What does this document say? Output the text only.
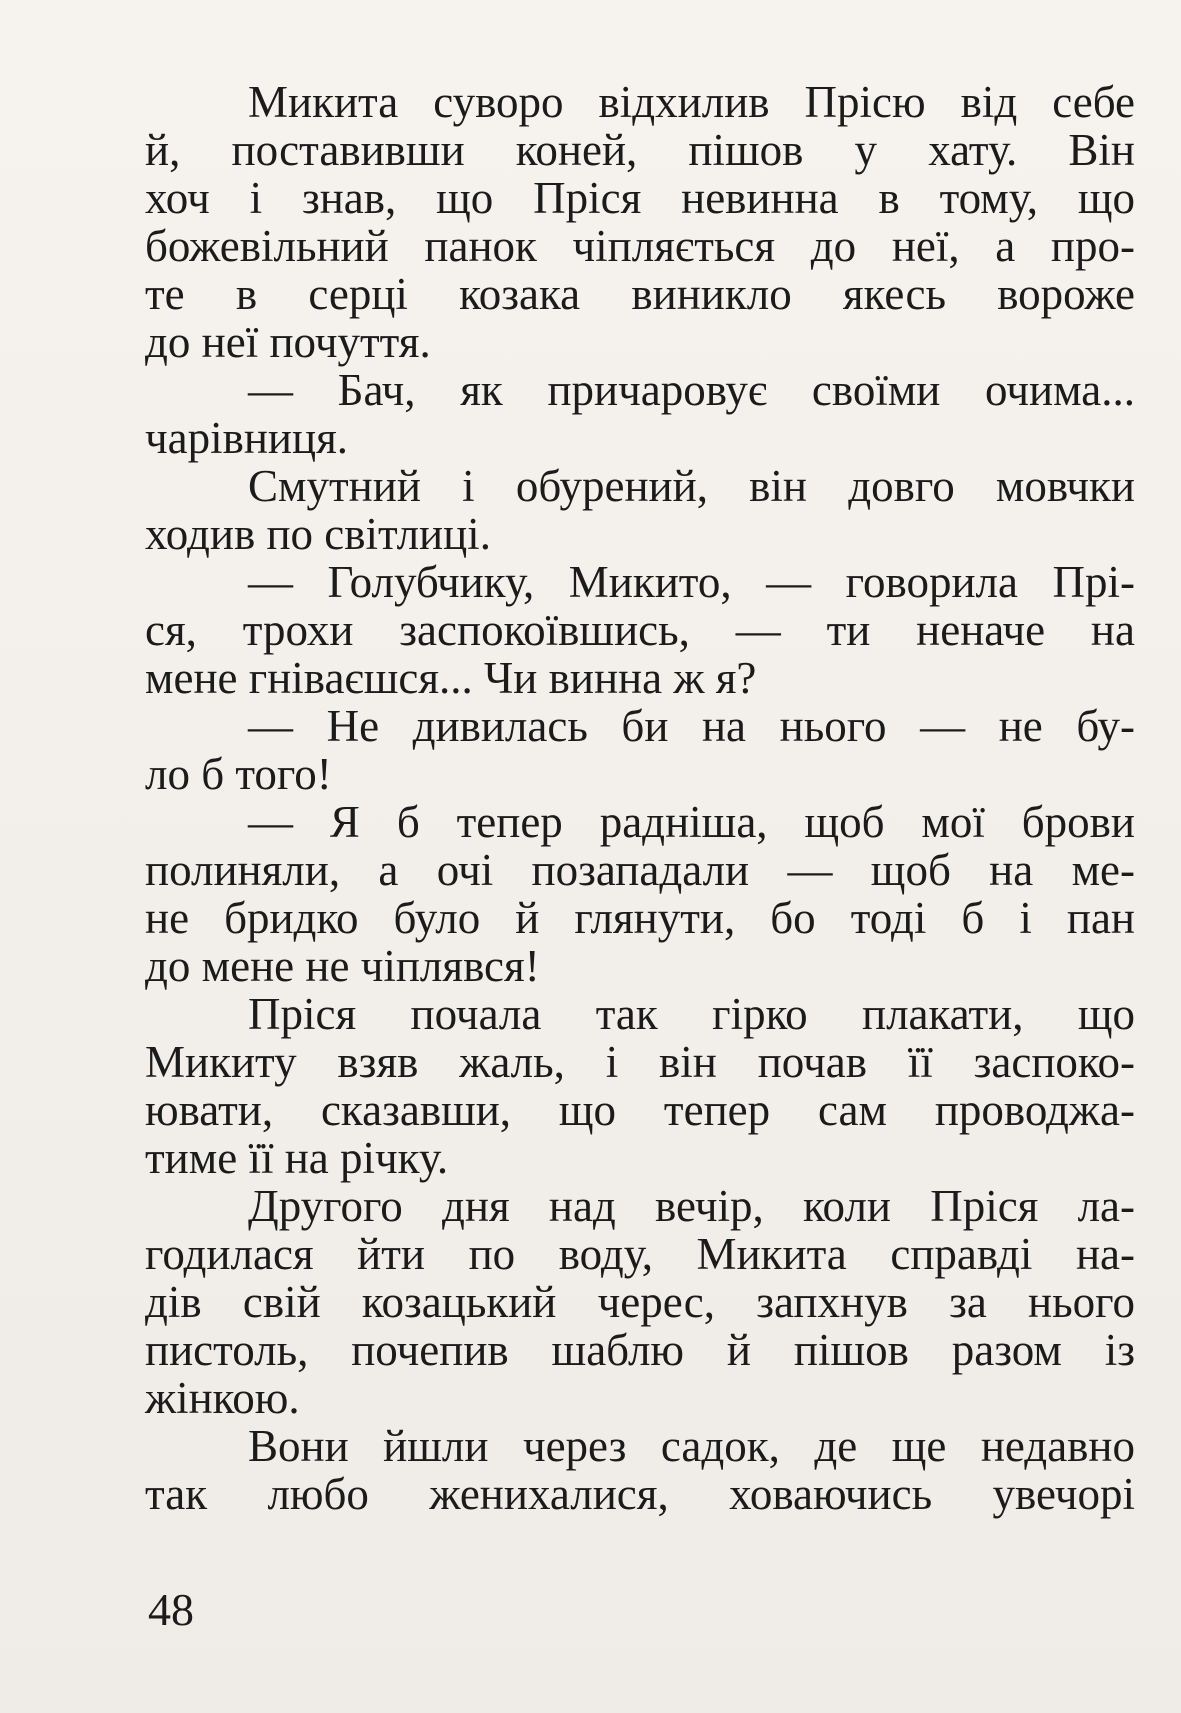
Микита суворо відхилив Прісю від себе
й, поставивши коней, пішов у хату. Він
хоч і знав, що Пріся невинна в тому, що
божевільний панок чіпляється до неї, а про-
те в серці козака виникло якесь вороже
до неї почуття.
— Бач, як причаровує своїми очима...
чарівниця.
Смутний і обурений, він довго мовчки
ходив по світлиці.
— Голубчику, Микито, — говорила Прі-
ся, трохи заспокоївшись, — ти неначе на
мене гніваєшся... Чи винна ж я?
— Не дивилась би на нього — не бу-
ло б того!
— Я б тепер радніша, щоб мої брови
полиняли, а очі позападали — щоб на ме-
не бридко було й глянути, бо тоді б і пан
до мене не чіплявся!
Пріся почала так гірко плакати, що
Микиту взяв жаль, і він почав її заспоко-
ювати, сказавши, що тепер сам проводжа-
тиме її на річку.
Другого дня над вечір, коли Пріся ла-
годилася йти по воду, Микита справді на-
дів свій козацький черес, запхнув за нього
пистоль, почепив шаблю й пішов разом із
жінкою.
Вони йшли через садок, де ще недавно
так любо женихалися, ховаючись увечорі
48
